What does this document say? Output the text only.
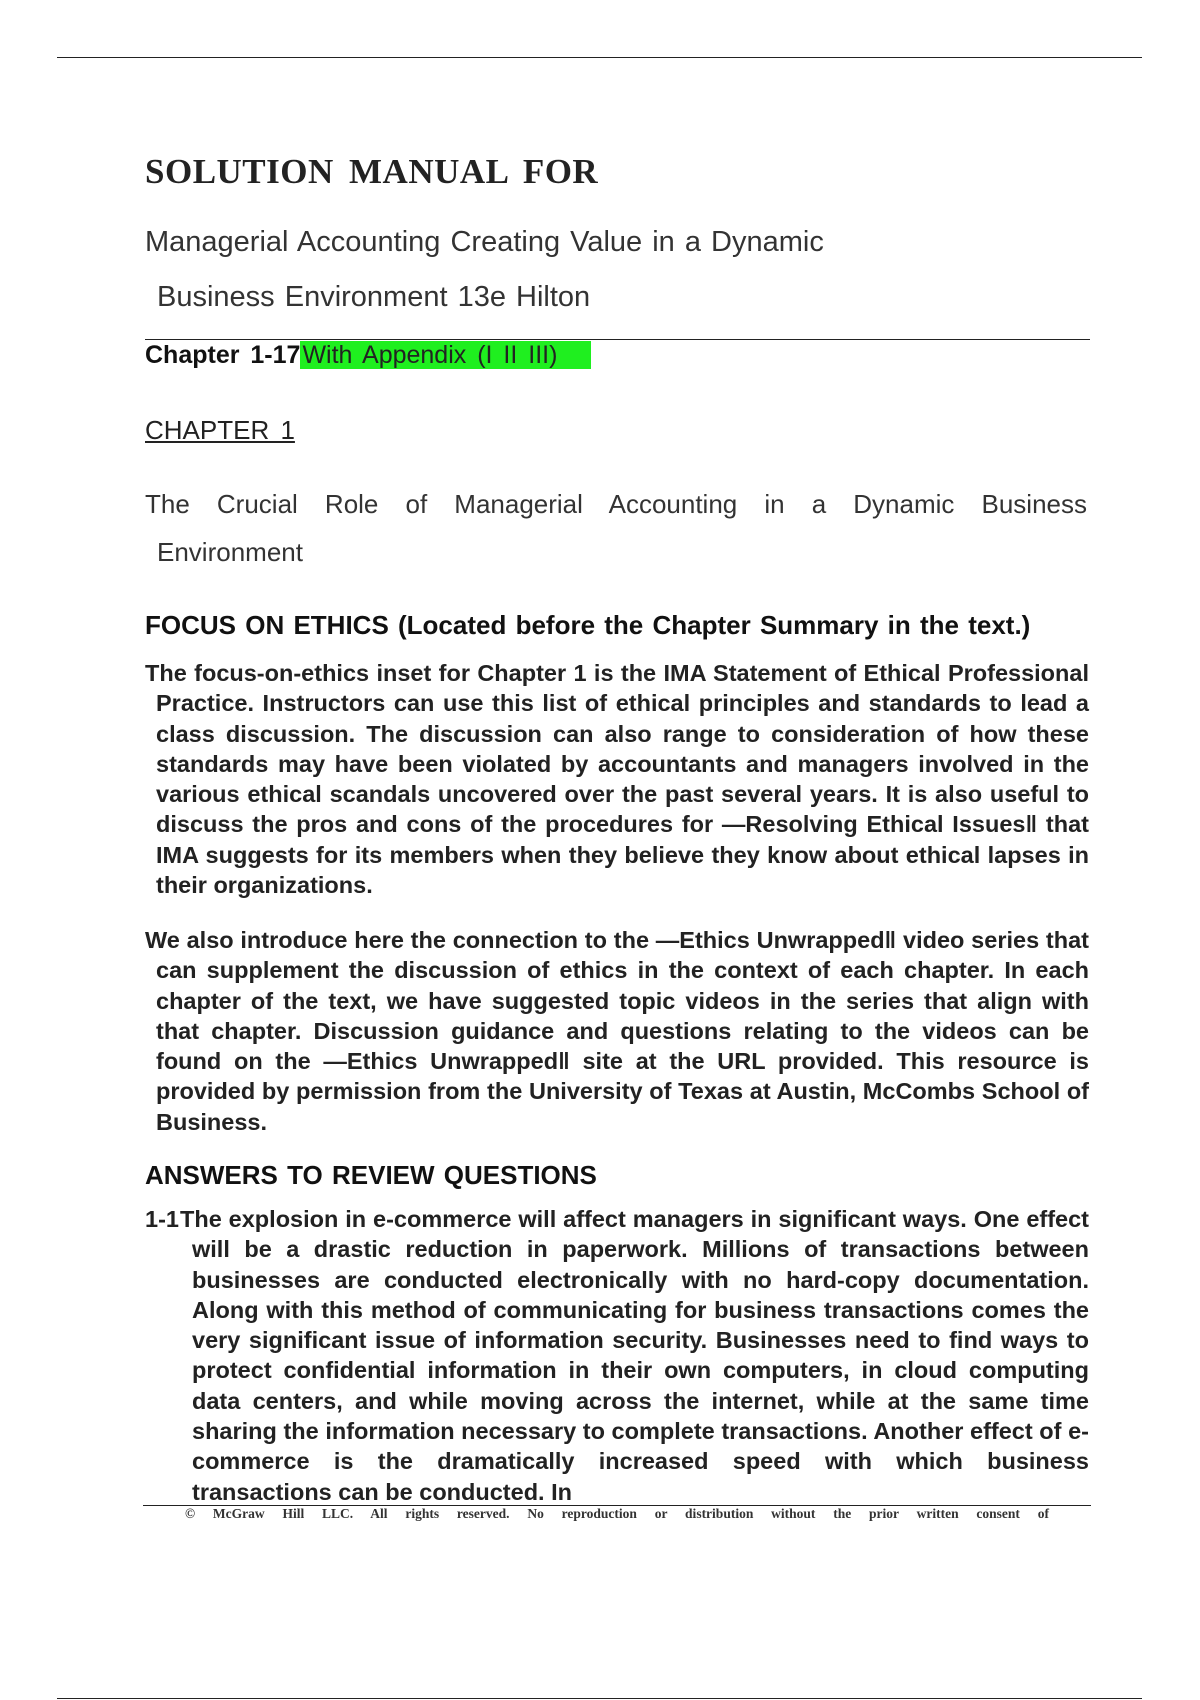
SOLUTION MANUAL FOR
Managerial Accounting Creating Value in a Dynamic
Business Environment 13e Hilton
Chapter 1-17With Appendix (I II III)
CHAPTER 1
The Crucial Role of Managerial Accounting in a Dynamic Business
Environment
FOCUS ON ETHICS (Located before the Chapter Summary in the text.)

The focus-on-ethics inset for Chapter 1 is the IMA Statement of Ethical Professional Practice. Instructors can use this list of ethical principles and standards to lead a class discussion. The discussion can also range to consideration of how these standards may have been violated by accountants and managers involved in the various ethical scandals uncovered over the past several years. It is also useful to discuss the pros and cons of the procedures for ―Resolving Ethical Issues‖ that IMA suggests for its members when they believe they know about ethical lapses in their organizations.

We also introduce here the connection to the ―Ethics Unwrapped‖ video series that can supplement the discussion of ethics in the context of each chapter. In each chapter of the text, we have suggested topic videos in the series that align with that chapter. Discussion guidance and questions relating to the videos can be found on the ―Ethics Unwrapped‖ site at the URL provided. This resource is provided by permission from the University of Texas at Austin, McCombs School of Business.

ANSWERS TO REVIEW QUESTIONS
1-1 The explosion in e-commerce will affect managers in significant ways. One effect will be a drastic reduction in paperwork. Millions of transactions between businesses are conducted electronically with no hard-copy documentation. Along with this method of communicating for business transactions comes the very significant issue of information security. Businesses need to find ways to protect confidential information in their own computers, in cloud computing data centers, and while moving across the internet, while at the same time sharing the information necessary to complete transactions. Another effect of e-commerce is the dramatically increased speed with which business transactions can be conducted. In
© McGraw Hill LLC. All rights reserved. No reproduction or distribution without the prior written consent of
